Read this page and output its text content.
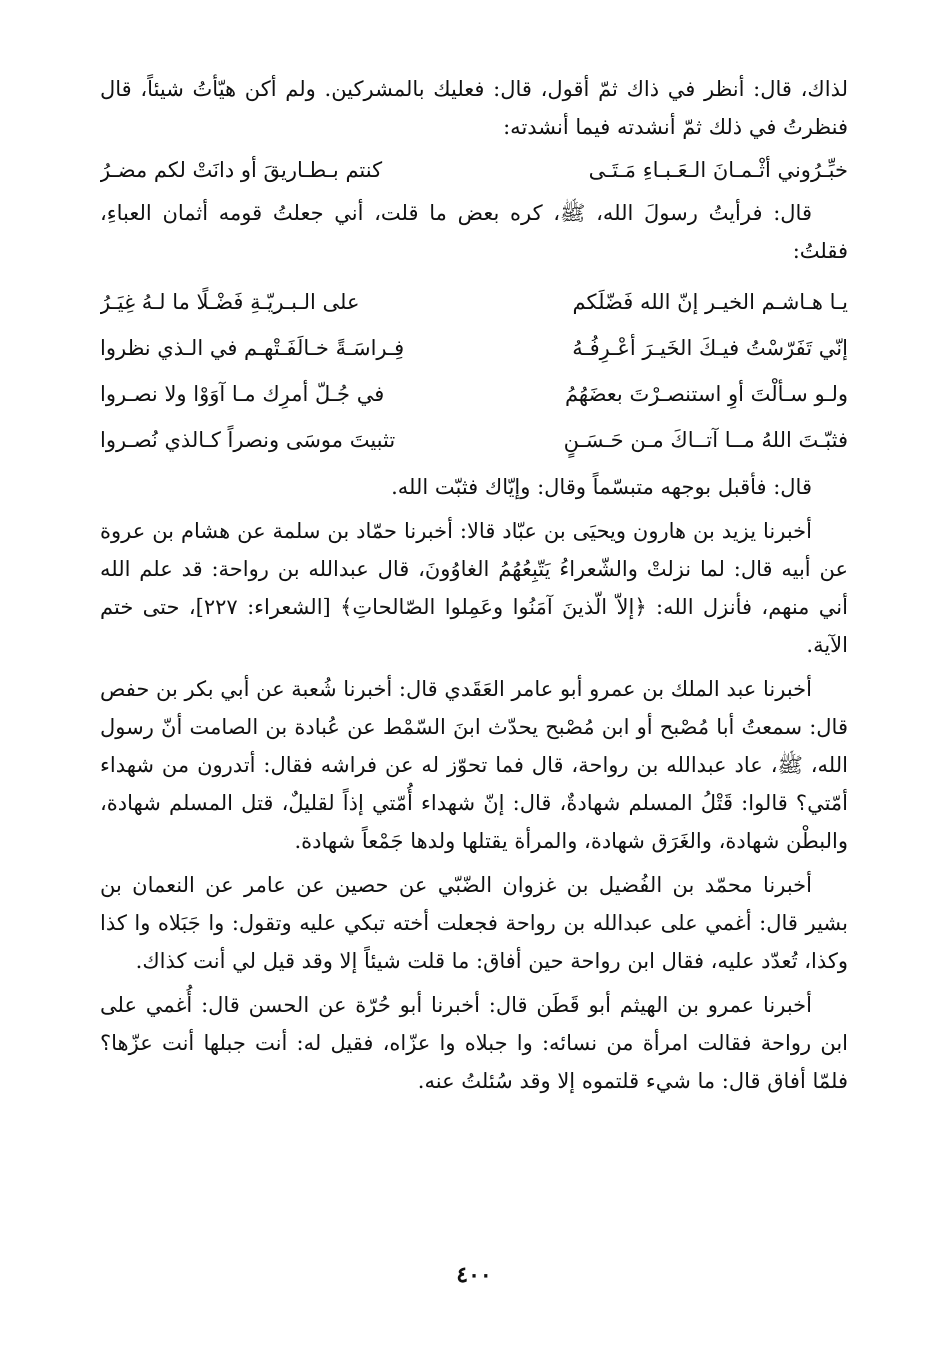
لذاك، قال: أنظر في ذاك ثمّ أقول، قال: فعليك بالمشركين. ولم أكن هيّأتُ شيئاً، قال فنظرتُ في ذلك ثمّ أنشدته فيما أنشدته:

خبِّـرُوني أثْـمـانَ الـعَـبـاءِ مَـتَـى
كنتم بـطـاريقَ أو دانَتْ لكم مضـرُ

قال: فرأيتُ رسولَ الله، ﷺ، كره بعض ما قلت، أني جعلتُ قومه أثمان العباءِ، فقلتُ:

يـا هـاشـم الخيـر إنّ الله فَضّلَكم
على الـبـريّـةِ فَضْـلًا ما لـهُ غِيَـرُ
إنّي تَفَرّسْتُ فيـكَ الخَيـرَ أعْـرِفُـهُ
فِـراسَـةً خـالَفَـتْهـم في الـذي نظروا
ولـو سـألْتَ أوِ استنصـرْتَ بعضَهُمُ
في جُـلّ أمرِك مـا آوَوْا ولا نصـروا
فثبّـتَ اللهُ مــا آتــاكَ مـن حَـسَـنٍ
تثبيتَ موسَى ونصراً كـالذي نُصـروا

قال: فأقبل بوجهه متبسّماً وقال: وإيّاك فثبّت الله.

أخبرنا يزيد بن هارون ويحيَى بن عبّاد قالا: أخبرنا حمّاد بن سلمة عن هشام بن عروة عن أبيه قال: لما نزلتْ والشّعراءُ يَتّبِعُهُمُ الغاوُونَ، قال عبدالله بن رواحة: قد علم الله أني منهم، فأنزل الله: ﴿إلاّ الّذينَ آمَنُوا وعَمِلوا الصّالحاتِ﴾ [الشعراء: ٢٢٧]، حتى ختم الآية.

أخبرنا عبد الملك بن عمرو أبو عامر العَقَدي قال: أخبرنا شُعبة عن أبي بكر بن حفص قال: سمعتُ أبا مُصْبح أو ابن مُصْبح يحدّث ابنَ السّمْط عن عُبادة بن الصامت أنّ رسول الله، ﷺ، عاد عبدالله بن رواحة، قال فما تحوّز له عن فراشه فقال: أتدرون من شهداء أمّتي؟ قالوا: قَتْلُ المسلم شهادةٌ، قال: إنّ شهداء أُمّتي إذاً لقليلٌ، قتل المسلم شهادة، والبطْن شهادة، والغَرَق شهادة، والمرأة يقتلها ولدها جَمْعاً شهادة.

أخبرنا محمّد بن الفُضيل بن غزوان الضّبّي عن حصين عن عامر عن النعمان بن بشير قال: أغمي على عبدالله بن رواحة فجعلت أخته تبكي عليه وتقول: وا جَبَلاه وا كذا وكذا، تُعدّد عليه، فقال ابن رواحة حين أفاق: ما قلت شيئاً إلا وقد قيل لي أنت كذاك.

أخبرنا عمرو بن الهيثم أبو قَطَن قال: أخبرنا أبو حُرّة عن الحسن قال: أُغمي على ابن رواحة فقالت امرأة من نسائه: وا جبلاه وا عزّاه، فقيل له: أنت جبلها أنت عزّها؟ فلمّا أفاق قال: ما شيء قلتموه إلا وقد سُئلتُ عنه.

٤٠٠
